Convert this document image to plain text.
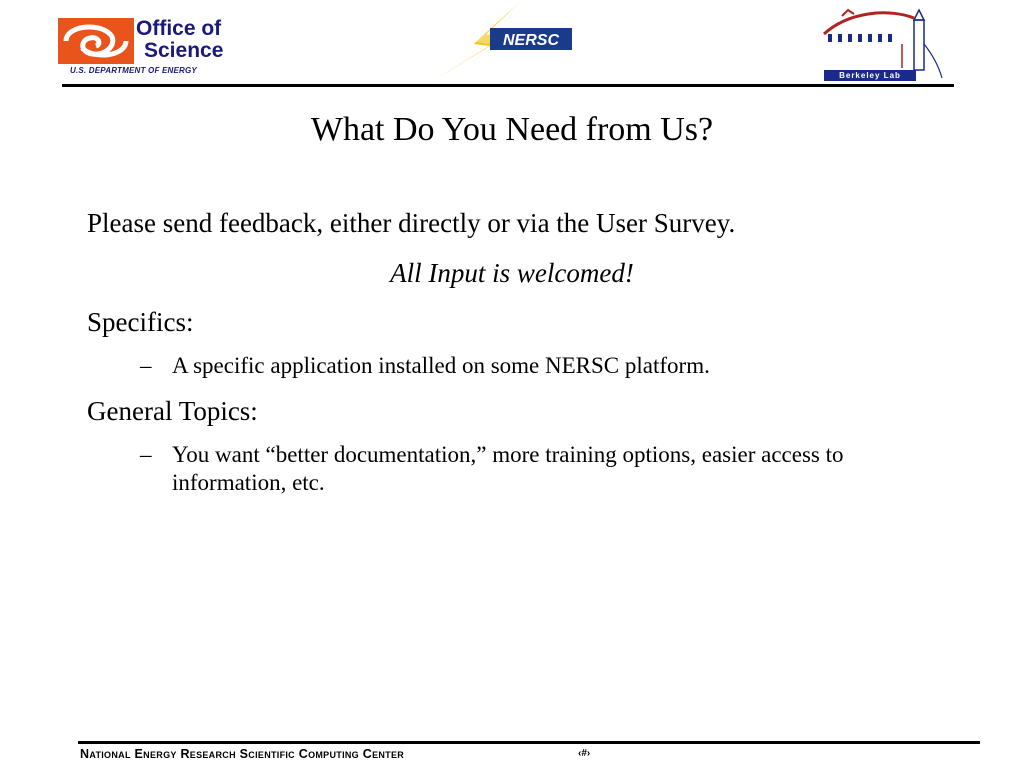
Office of
Science
U.S. DEPARTMENT OF ENERGY
NERSC
Berkeley Lab
What Do You Need from Us?
Please send feedback, either directly or via the User Survey.
All Input is welcomed!
Specifics:
– A specific application installed on some NERSC platform.
General Topics:
– You want “better documentation,” more training options, easier access to information, etc.
National Energy Research Scientific Computing Center	‹#›
